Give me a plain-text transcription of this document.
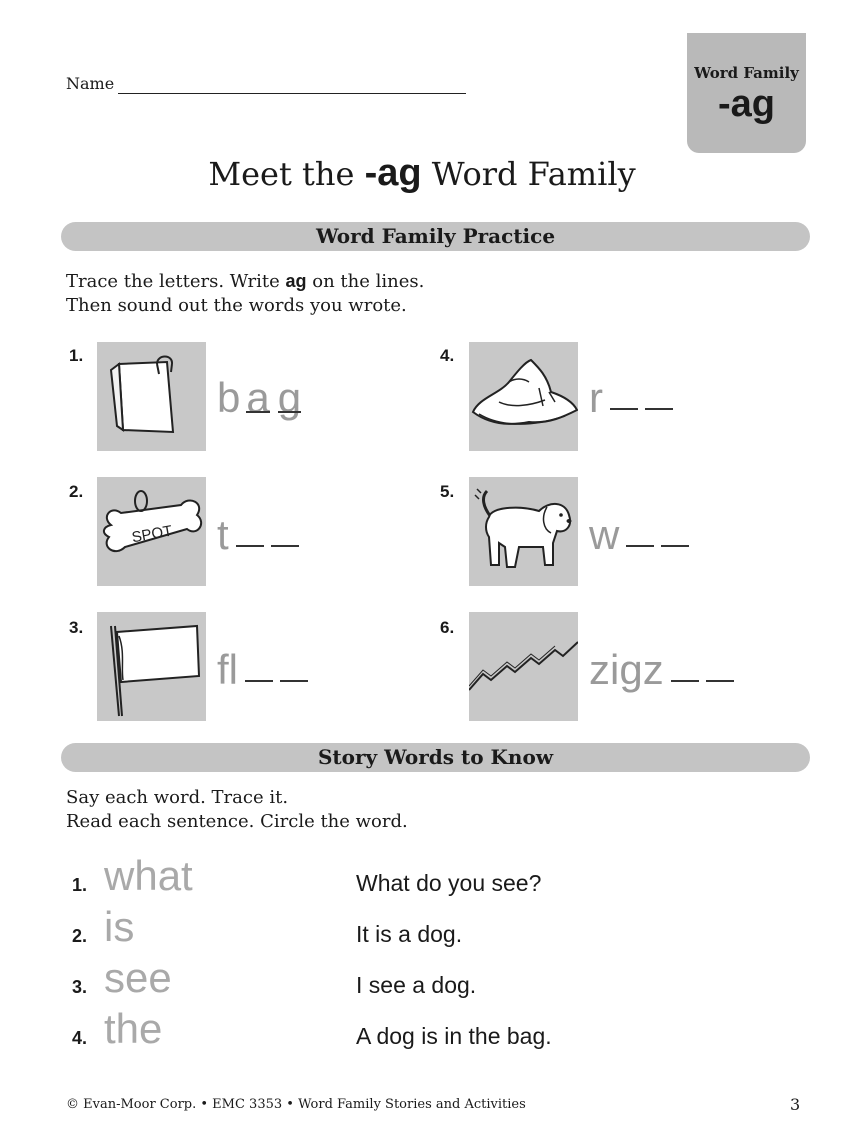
Name
Word Family
-ag
Meet the -ag Word Family
Word Family Practice
Trace the letters. Write ag on the lines.
Then sound out the words you wrote.
1.
b a g
2.
SPOT t
3.
fl
4.
r
5.
w
6.
zigz
Story Words to Know
Say each word. Trace it.
Read each sentence. Circle the word.
1. what	What do you see?
2. is	It is a dog.
3. see	I see a dog.
4. the	A dog is in the bag.
© Evan-Moor Corp. • EMC 3353 • Word Family Stories and Activities	3
